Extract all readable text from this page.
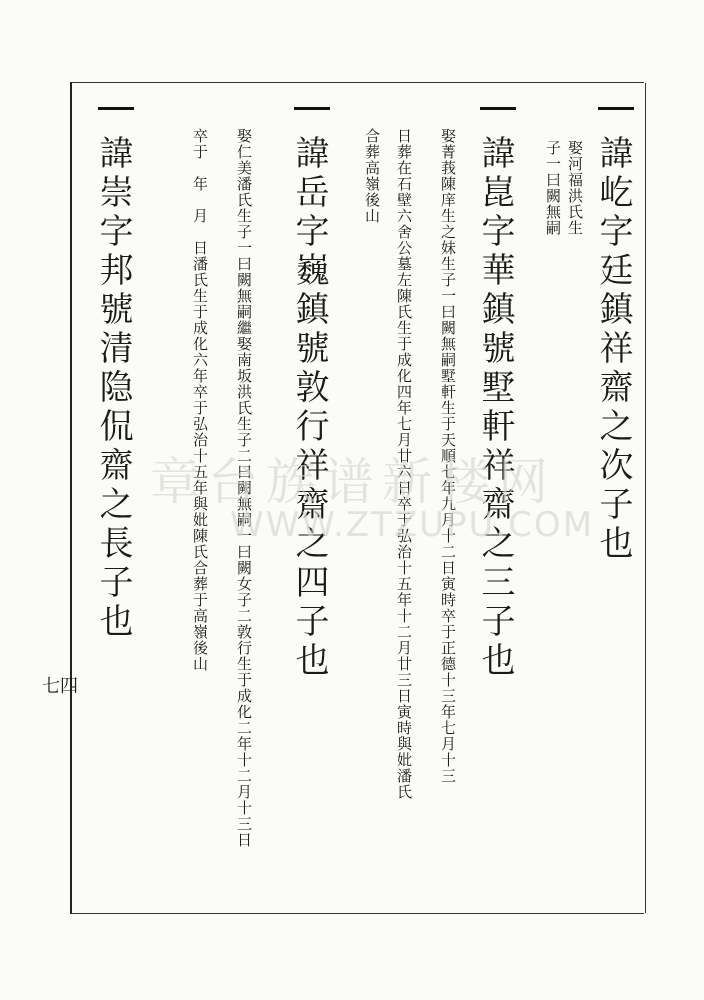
諱屹字廷鎮祥齋之次子也
娶河福洪氏生
子一曰闕無嗣
諱崑字華鎮號墅軒祥齋之三子也
娶菁莪陳庠生之妹生子一曰闕無嗣墅軒生于天順七年九月十二日寅時卒于正德十三年七月十三
日葬在石壁六舍公墓左陳氏生于成化四年七月廿六日卒于弘治十五年十二月廿三日寅時與妣潘氏
合葬高嶺後山
諱岳字巍鎮號敦行祥齋之四子也
娶仁美潘氏生子一曰闕無嗣繼娶南坂洪氏生子二曰闕無嗣一曰闕女子二敦行生于成化二年十二月十三日
卒于　年　月　日潘氏生于成化六年卒于弘治十五年與妣陳氏合葬于高嶺後山
諱崇字邦號清隐侃齋之長子也
七四
章台族谱新楼网
WWW.ZTZUPU.COM
